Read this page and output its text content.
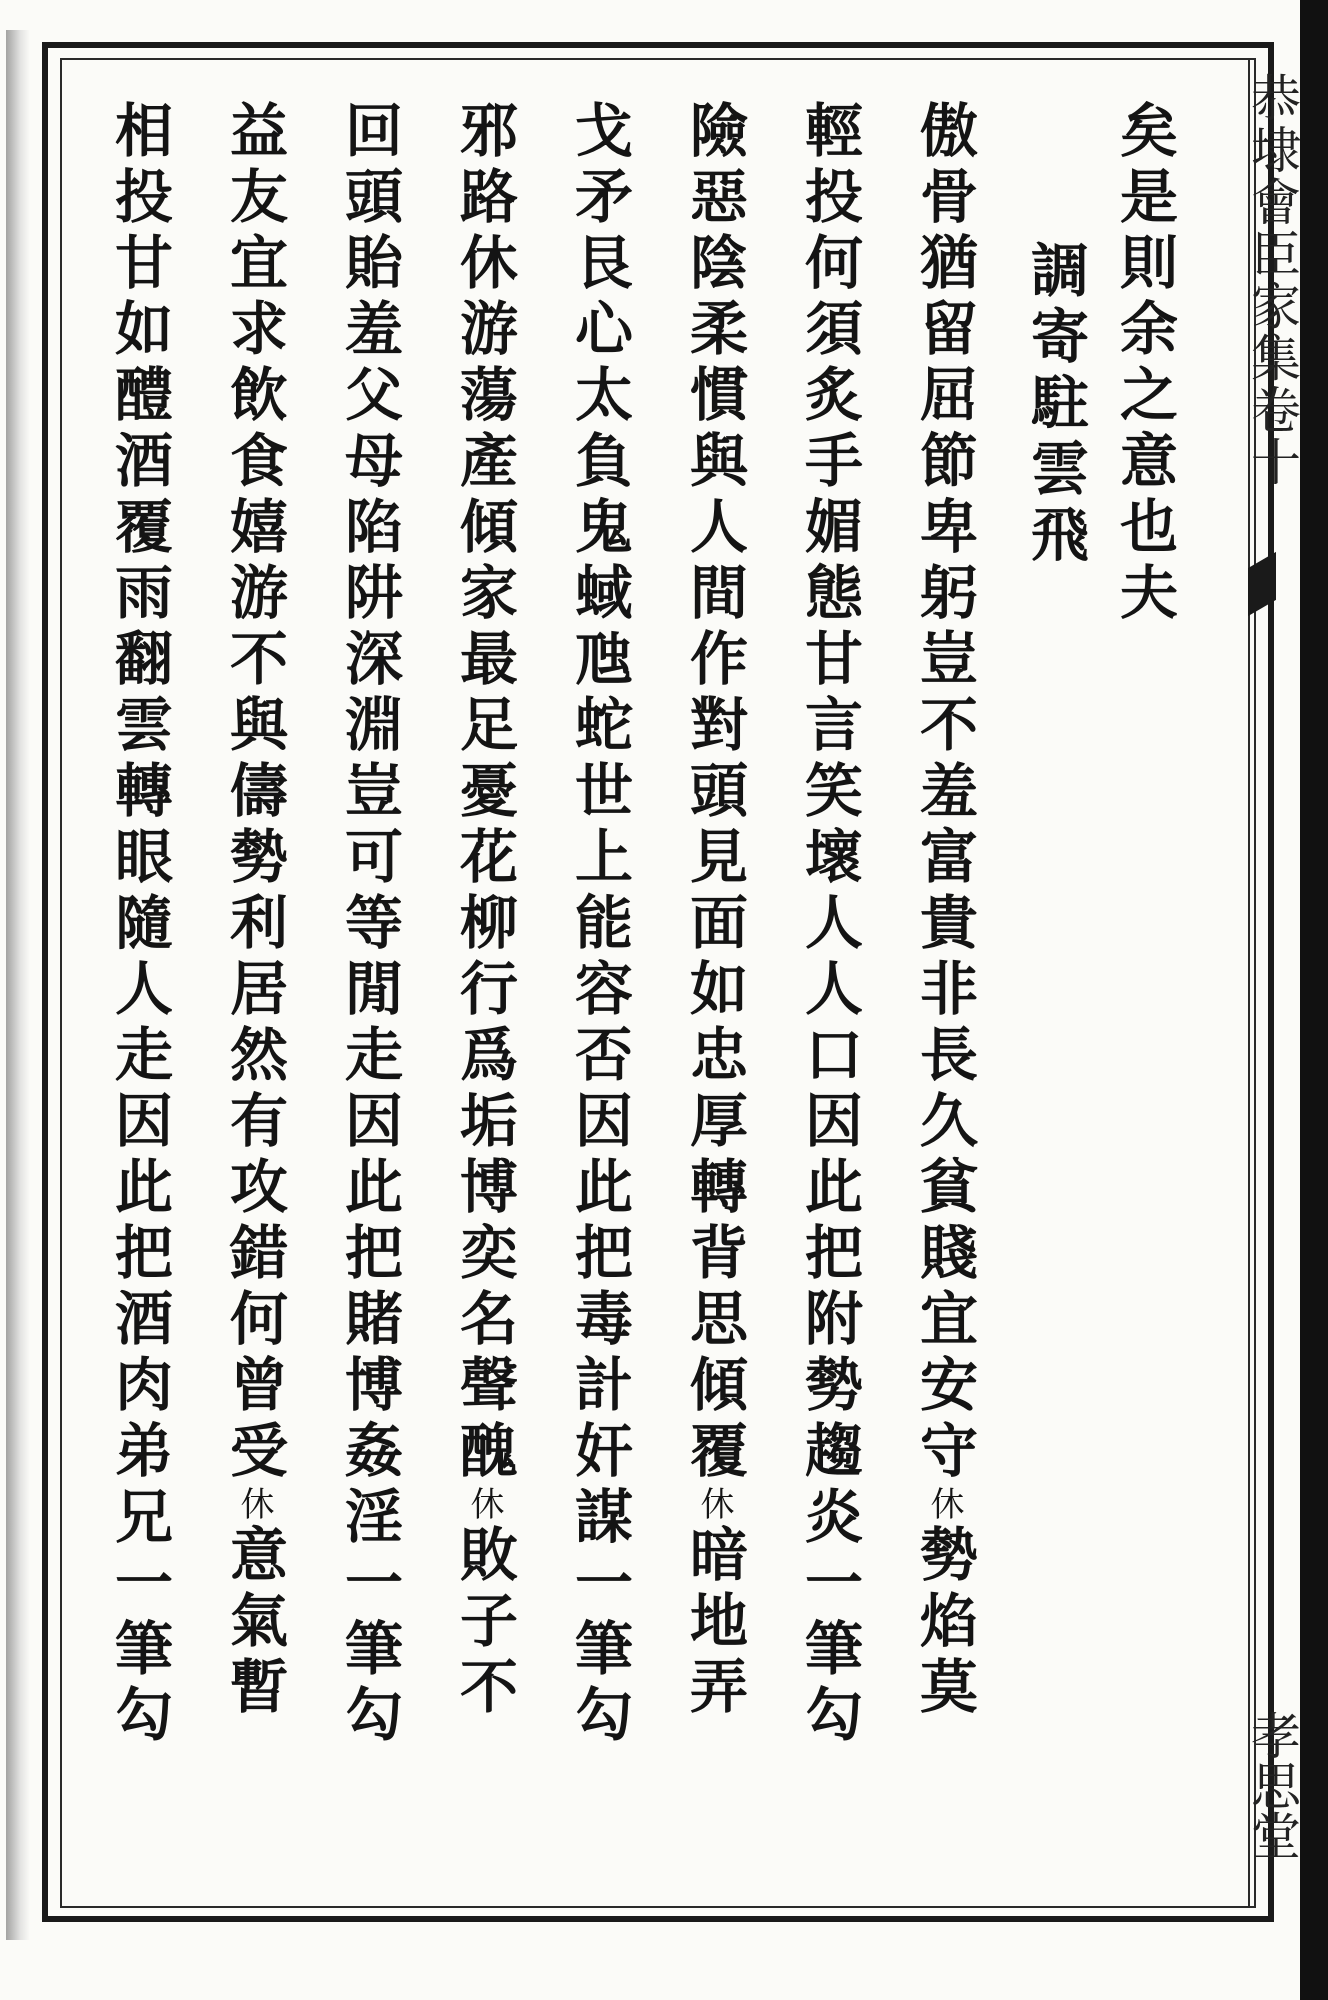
恭埭會臣家集卷十
孝思堂
矣是則余之意也夫
調寄駐雲飛
傲骨猶留屈節卑躬豈不羞富貴非長久貧賤宜安守休勢焰莫
輕投何須炙手媚態甘言笑壞人人口因此把附勢趨炎一筆勾
險惡陰柔慣與人間作對頭見面如忠厚轉背思傾覆休暗地弄
戈矛艮心太負鬼蜮虺蛇世上能容否因此把毒計奸謀一筆勾
邪路休游蕩產傾家最足憂花柳行爲垢博奕名聲醜休敗子不
回頭貽羞父母陷阱深淵豈可等閒走因此把賭博姦淫一筆勾
益友宜求飲食嬉游不與儔勢利居然有攻錯何曾受休意氣暫
相投甘如醴酒覆雨翻雲轉眼隨人走因此把酒肉弟兄一筆勾
